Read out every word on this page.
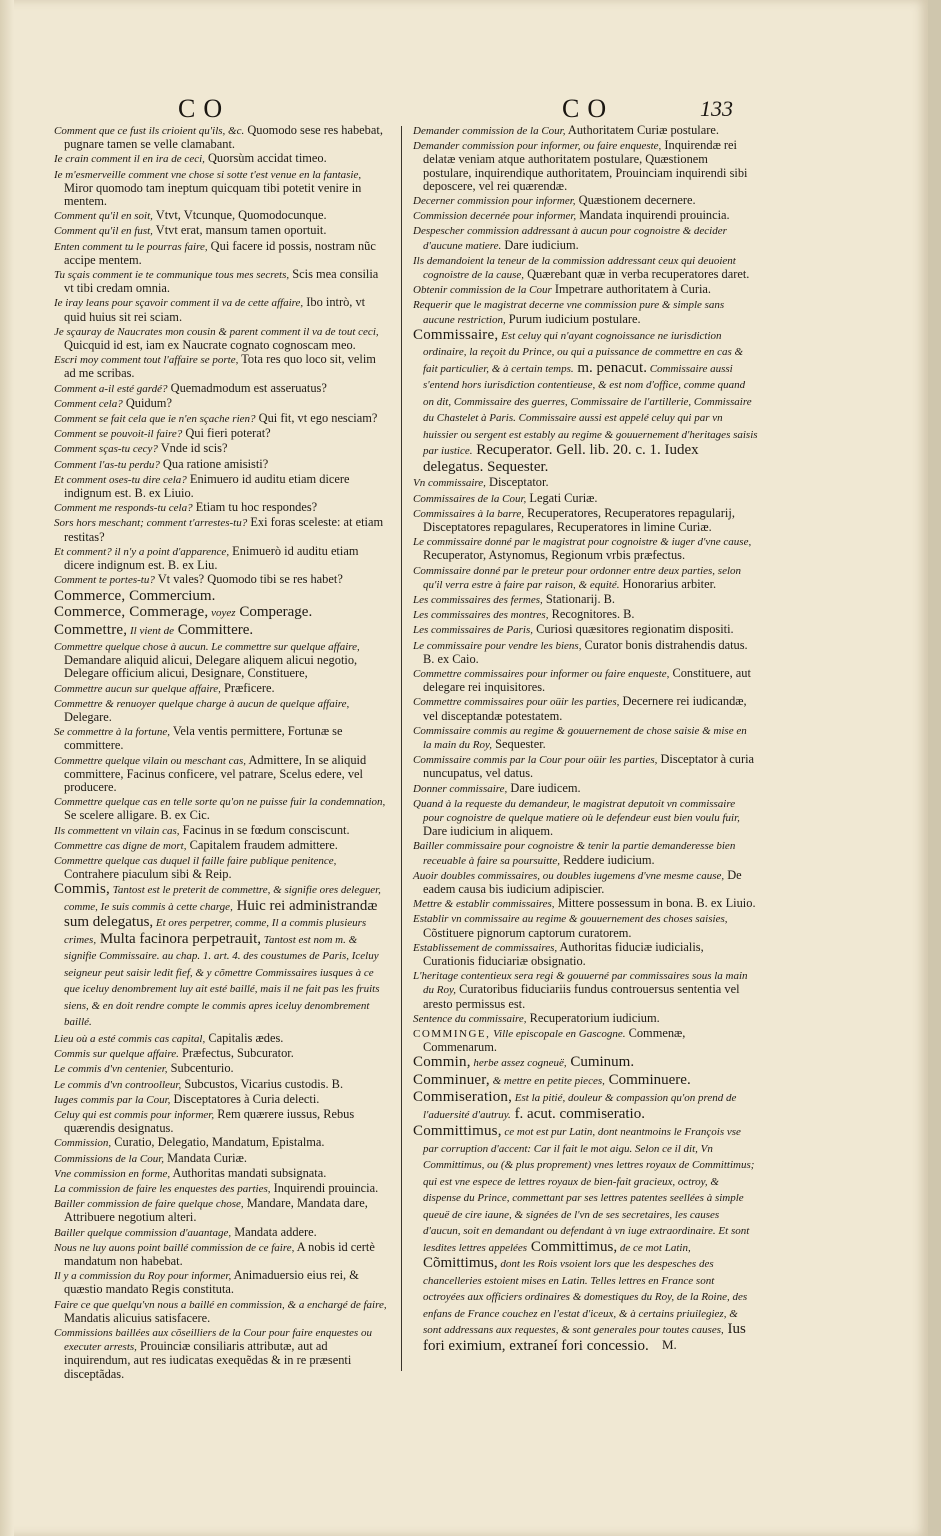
CO	CO	133
Comment que ce fust ils crioient qu'ils, &c. Quomodo sese res habebat, pugnare tamen se velle clamabant.
Ie crain comment il en ira de ceci, Quorsùm accidat timeo.
Ie m'esmerveille comment vne chose si sotte t'est venue en la fantasie, Miror quomodo tam ineptum quicquam tibi potetit venire in mentem.
Comment qu'il en soit, Vtvt, Vtcunque, Quomodocunque.
Comment qu'il en fust, Vtvt erat, mansum tamen oportuit.
Enten comment tu le pourras faire, Qui facere id possis, nostram nũc accipe mentem.
Tu sçais comment ie te communique tous mes secrets, Scis mea consilia vt tibi credam omnia.
Ie iray leans pour sçavoir comment il va de cette affaire, Ibo intrò, vt quid huius sit rei sciam.
Je sçauray de Naucrates mon cousin & parent comment il va de tout ceci, Quicquid id est, iam ex Naucrate cognato cognoscam meo.
Escri moy comment tout l'affaire se porte, Tota res quo loco sit, velim ad me scribas.
Comment a-il esté gardé? Quemadmodum est asseruatus?
Comment cela? Quidum?
Comment se fait cela que ie n'en sçache rien? Qui fit, vt ego nesciam?
Comment se pouvoit-il faire? Qui fieri poterat?
Comment sças-tu cecy? Vnde id scis?
Comment l'as-tu perdu? Qua ratione amisisti?
Et comment oses-tu dire cela? Enimuero id auditu etiam dicere indignum est. B. ex Liuio.
Comment me responds-tu cela? Etiam tu hoc respondes?
Sors hors meschant; comment t'arrestes-tu? Exi foras sceleste: at etiam restitas?
Et comment? il n'y a point d'apparence, Enimuerò id auditu etiam dicere indignum est. B. ex Liu.
Comment te portes-tu? Vt vales? Quomodo tibi se res habet?
Commerce, Commercium.
Commerce, Commerage, voyez Comperage.
Commettre, Il vient de Committere.
Commettre quelque chose à aucun. Le commettre sur quelque affaire, Demandare aliquid alicui, Delegare aliquem alicui negotio, Delegare officium alicui, Designare, Constituere,
Commettre aucun sur quelque affaire, Præficere.
Commettre & renuoyer quelque charge à aucun de quelque affaire, Delegare.
Se commettre à la fortune, Vela ventis permittere, Fortunæ se committere.
Commettre quelque vilain ou meschant cas, Admittere, In se aliquid committere, Facinus conficere, vel patrare, Scelus edere, vel producere.
Commettre quelque cas en telle sorte qu'on ne puisse fuir la condemnation, Se scelere alligare. B. ex Cic.
Ils commettent vn vilain cas, Facinus in se fœdum consciscunt.
Commettre cas digne de mort, Capitalem fraudem admittere.
Commettre quelque cas duquel il faille faire publique penitence, Contrahere piaculum sibi & Reip.
Commis, Tantost est le preterit de commettre, & signifie ores deleguer, comme, Ie suis commis à cette charge, Huic rei administrandæ sum delegatus, Et ores perpetrer, comme, Il a commis plusieurs crimes, Multa facinora perpetrauit, Tantost est nom m. & signifie Commissaire. au chap. 1. art. 4. des coustumes de Paris, Iceluy seigneur peut saisir ledit fief, & y cõmettre Commissaires iusques à ce que iceluy denombrement luy ait esté baillé, mais il ne fait pas les fruits siens, & en doit rendre compte le commis apres iceluy denombrement baillé.
Lieu où a esté commis cas capital, Capitalis ædes.
Commis sur quelque affaire. Præfectus, Subcurator.
Le commis d'vn centenier, Subcenturio.
Le commis d'vn controolleur, Subcustos, Vicarius custodis. B.
Iuges commis par la Cour, Disceptatores à Curia delecti.
Celuy qui est commis pour informer, Rem quærere iussus, Rebus quærendis designatus.
Commission, Curatio, Delegatio, Mandatum, Epistalma.
Commissions de la Cour, Mandata Curiæ.
Vne commission en forme, Authoritas mandati subsignata.
La commission de faire les enquestes des parties, Inquirendi prouincia.
Bailler commission de faire quelque chose, Mandare, Mandata dare, Attribuere negotium alteri.
Bailler quelque commission d'auantage, Mandata addere.
Nous ne luy auons point baillé commission de ce faire, A nobis id certè mandatum non habebat.
Il y a commission du Roy pour informer, Animaduersio eius rei, & quæstio mandato Regis constituta.
Faire ce que quelqu'vn nous a baillé en commission, & a enchargé de faire, Mandatis alicuius satisfacere.
Commissions baillées aux cõseilliers de la Cour pour faire enquestes ou executer arrests, Prouinciæ consiliaris attributæ, aut ad inquirendum, aut res iudicatas exequẽdas & in re præsenti disceptãdas.
Demander commission de la Cour, Authoritatem Curiæ postulare.
Demander commission pour informer, ou faire enqueste, Inquirendæ rei delatæ veniam atque authoritatem postulare, Quæstionem postulare, inquirendique authoritatem, Prouinciam inquirendi sibi deposcere, vel rei quærendæ.
Decerner commission pour informer, Quæstionem decernere.
Commission decernée pour informer, Mandata inquirendi prouincia.
Despescher commission addressant à aucun pour cognoistre & decider d'aucune matiere. Dare iudicium.
Ils demandoient la teneur de la commission addressant ceux qui deuoient cognoistre de la cause, Quærebant quæ in verba recuperatores daret.
Obtenir commission de la Cour Impetrare authoritatem à Curia.
Requerir que le magistrat decerne vne commission pure & simple sans aucune restriction, Purum iudicium postulare.
Commissaire, Est celuy qui n'ayant cognoissance ne iurisdiction ordinaire, la reçoit du Prince, ou qui a puissance de commettre en cas & fait particulier, & à certain temps. m. penacut. Commissaire aussi s'entend hors iurisdiction contentieuse, & est nom d'office, comme quand on dit, Commissaire des guerres, Commissaire de l'artillerie, Commissaire du Chastelet à Paris. Commissaire aussi est appelé celuy qui par vn huissier ou sergent est estably au regime & gouuernement d'heritages saisis par iustice. Recuperator. Gell. lib. 20. c. 1. Iudex delegatus. Sequester.
Vn commissaire, Disceptator.
Commissaires de la Cour, Legati Curiæ.
Commissaires à la barre, Recuperatores, Recuperatores repagularij, Disceptatores repagulares, Recuperatores in limine Curiæ.
Le commissaire donné par le magistrat pour cognoistre & iuger d'vne cause, Recuperator, Astynomus, Regionum vrbis præfectus.
Commissaire donné par le preteur pour ordonner entre deux parties, selon qu'il verra estre à faire par raison, & equité. Honorarius arbiter.
Les commissaires des fermes, Stationarij. B.
Les commissaires des montres, Recognitores. B.
Les commissaires de Paris, Curiosi quæsitores regionatim dispositi.
Le commissaire pour vendre les biens, Curator bonis distrahendis datus. B. ex Caio.
Commettre commissaires pour informer ou faire enqueste, Constituere, aut delegare rei inquisitores.
Commettre commissaires pour oüir les parties, Decernere rei iudicandæ, vel disceptandæ potestatem.
Commissaire commis au regime & gouuernement de chose saisie & mise en la main du Roy, Sequester.
Commissaire commis par la Cour pour oüir les parties, Disceptator à curia nuncupatus, vel datus.
Donner commissaire, Dare iudicem.
Quand à la requeste du demandeur, le magistrat deputoit vn commissaire pour cognoistre de quelque matiere où le defendeur eust bien voulu fuir, Dare iudicium in aliquem.
Bailler commissaire pour cognoistre & tenir la partie demanderesse bien receuable à faire sa poursuitte, Reddere iudicium.
Auoir doubles commissaires, ou doubles iugemens d'vne mesme cause, De eadem causa bis iudicium adipiscier.
Mettre & establir commissaires, Mittere possessum in bona. B. ex Liuio.
Establir vn commissaire au regime & gouuernement des choses saisies, Cõstituere pignorum captorum curatorem.
Establissement de commissaires, Authoritas fiduciæ iudicialis, Curationis fiduciariæ obsignatio.
L'heritage contentieux sera regi & gouuerné par commissaires sous la main du Roy, Curatoribus fiduciariis fundus controuersus sententia vel aresto permissus est.
Sentence du commissaire, Recuperatorium iudicium.
COMMINGE, Ville episcopale en Gascogne. Commenæ, Commenarum.
Commin, herbe assez cogneuë, Cuminum.
Comminuer, & mettre en petite pieces, Comminuere.
Commiseration, Est la pitié, douleur & compassion qu'on prend de l'aduersité d'autruy. f. acut. commiseratio.
Committimus, ce mot est pur Latin, dont neantmoins le François vse par corruption d'accent: Car il fait le mot aigu. Selon ce il dit, Vn Committimus, ou (& plus proprement) vnes lettres royaux de Committimus; qui est vne espece de lettres royaux de bien-fait gracieux, octroy, & dispense du Prince, commettant par ses lettres patentes seellées à simple queuë de cire iaune, & signées de l'vn de ses secretaires, les causes d'aucun, soit en demandant ou defendant à vn iuge extraordinaire. Et sont lesdites lettres appelées Committimus, de ce mot Latin, Cõmittimus, dont les Rois vsoient lors que les despesches des chancelleries estoient mises en Latin. Telles lettres en France sont octroyées aux officiers ordinaires & domestiques du Roy, de la Roine, des enfans de France couchez en l'estat d'iceux, & à certains priuilegiez, & sont addressans aux requestes, & sont generales pour toutes causes, Ius fori eximium, extraneí fori concessio.	M.
